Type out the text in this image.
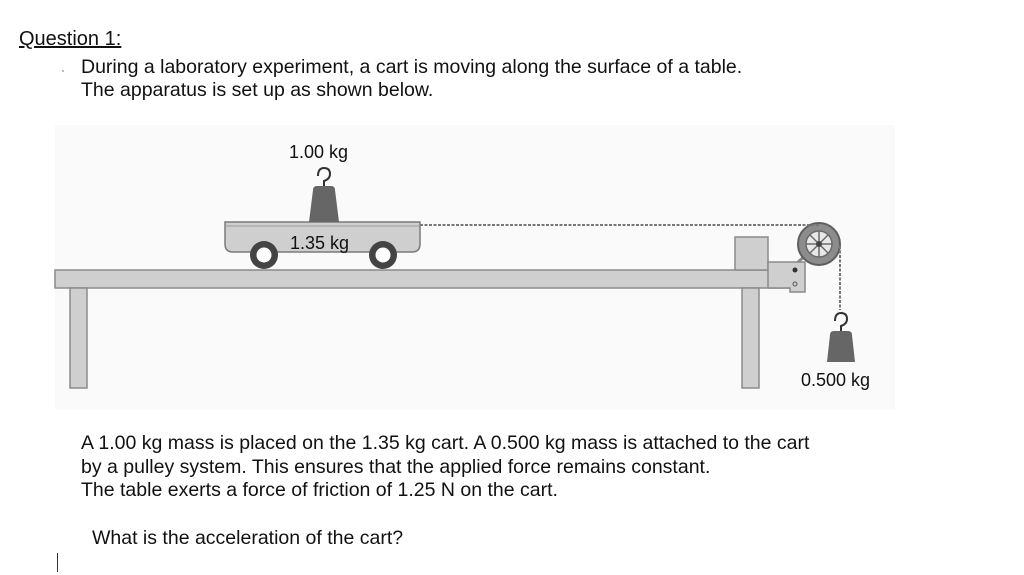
Question 1:
During a laboratory experiment, a cart is moving along the surface of a table.
The apparatus is set up as shown below.
1.00 kg
1.35 kg
0.500 kg
A 1.00 kg mass is placed on the 1.35 kg cart. A 0.500 kg mass is attached to the cart
by a pulley system. This ensures that the applied force remains constant.
The table exerts a force of friction of 1.25 N on the cart.
What is the acceleration of the cart?
